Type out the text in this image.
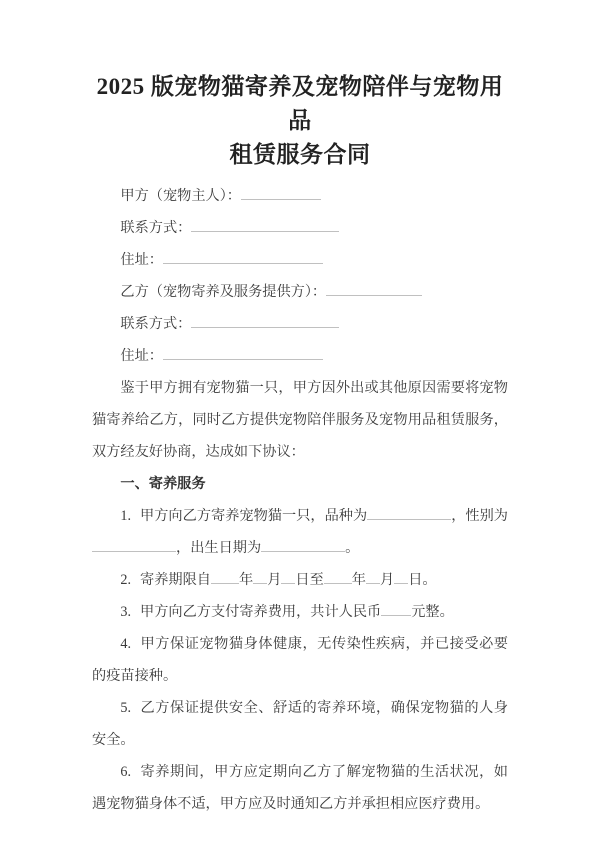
2025 版宠物猫寄养及宠物陪伴与宠物用品
租赁服务合同

甲方（宠物主人）：

联系方式：

住址：

乙方（宠物寄养及服务提供方）：

联系方式：

住址：

鉴于甲方拥有宠物猫一只，甲方因外出或其他原因需要将宠物猫寄养给乙方，同时乙方提供宠物陪伴服务及宠物用品租赁服务，双方经友好协商，达成如下协议：

一、寄养服务

1. 甲方向乙方寄养宠物猫一只，品种为	，性别为，出生日期为	。

2. 寄养期限自 年 月 日至 年 月 日。

3. 甲方向乙方支付寄养费用，共计人民币 元整。

4. 甲方保证宠物猫身体健康，无传染性疾病，并已接受必要的疫苗接种。

5. 乙方保证提供安全、舒适的寄养环境，确保宠物猫的人身安全。

6. 寄养期间，甲方应定期向乙方了解宠物猫的生活状况，如遇宠物猫身体不适，甲方应及时通知乙方并承担相应医疗费用。
